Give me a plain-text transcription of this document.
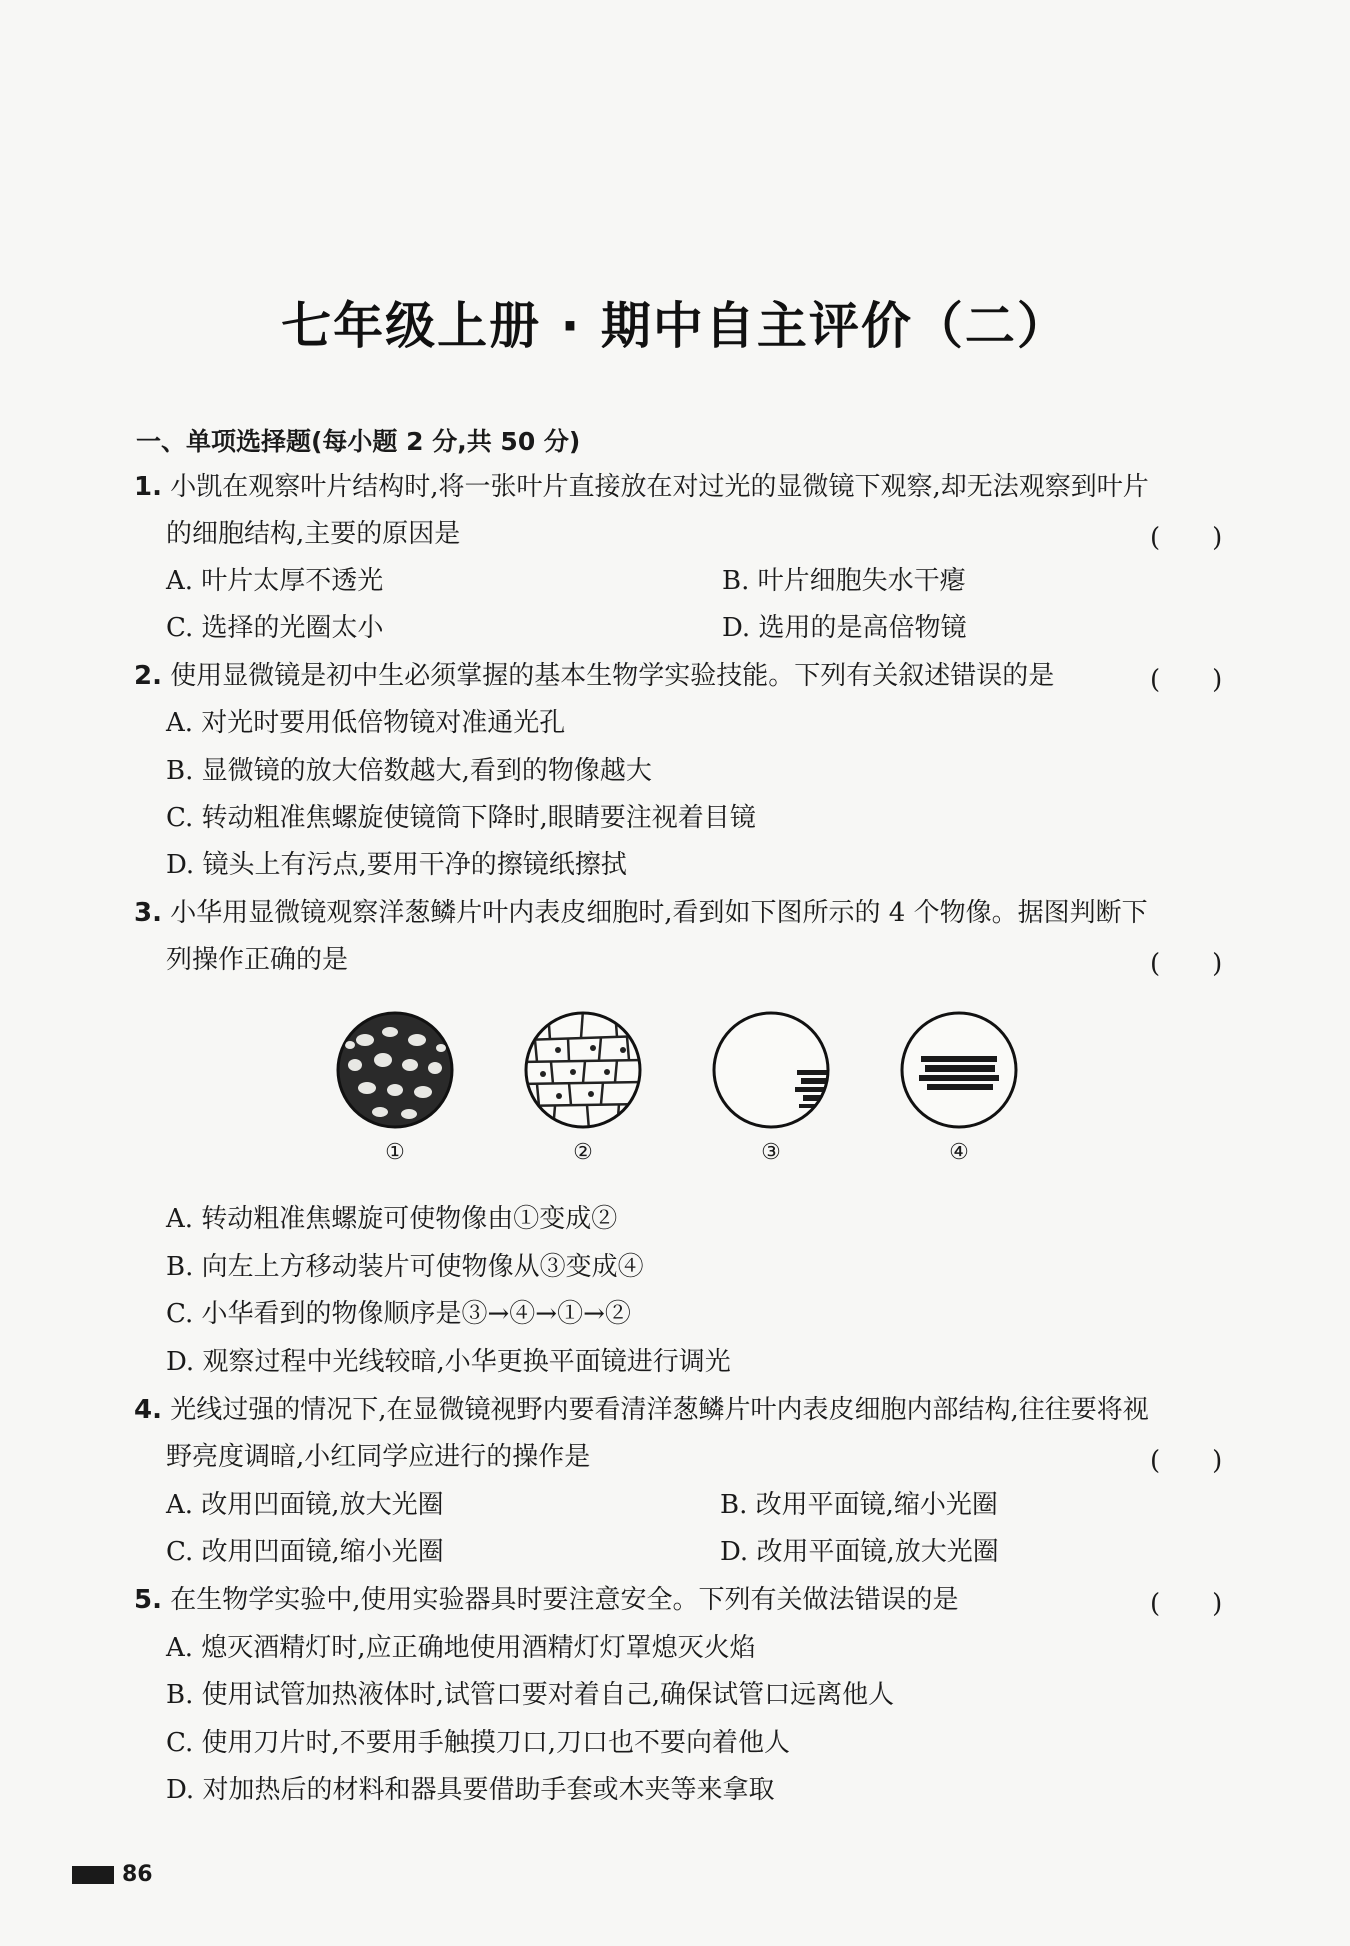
七年级上册 · 期中自主评价（二）
一、单项选择题(每小题 2 分,共 50 分)
1. 小凯在观察叶片结构时,将一张叶片直接放在对过光的显微镜下观察,却无法观察到叶片
的细胞结构,主要的原因是	(　　)
A. 叶片太厚不透光	B. 叶片细胞失水干瘪
C. 选择的光圈太小	D. 选用的是高倍物镜
2. 使用显微镜是初中生必须掌握的基本生物学实验技能。下列有关叙述错误的是	(　　)
A. 对光时要用低倍物镜对准通光孔
B. 显微镜的放大倍数越大,看到的物像越大
C. 转动粗准焦螺旋使镜筒下降时,眼睛要注视着目镜
D. 镜头上有污点,要用干净的擦镜纸擦拭
3. 小华用显微镜观察洋葱鳞片叶内表皮细胞时,看到如下图所示的 4 个物像。据图判断下
列操作正确的是	(　　)
①	②	③	④
A. 转动粗准焦螺旋可使物像由①变成②
B. 向左上方移动装片可使物像从③变成④
C. 小华看到的物像顺序是③→④→①→②
D. 观察过程中光线较暗,小华更换平面镜进行调光
4. 光线过强的情况下,在显微镜视野内要看清洋葱鳞片叶内表皮细胞内部结构,往往要将视
野亮度调暗,小红同学应进行的操作是	(　　)
A. 改用凹面镜,放大光圈	B. 改用平面镜,缩小光圈
C. 改用凹面镜,缩小光圈	D. 改用平面镜,放大光圈
5. 在生物学实验中,使用实验器具时要注意安全。下列有关做法错误的是	(　　)
A. 熄灭酒精灯时,应正确地使用酒精灯灯罩熄灭火焰
B. 使用试管加热液体时,试管口要对着自己,确保试管口远离他人
C. 使用刀片时,不要用手触摸刀口,刀口也不要向着他人
D. 对加热后的材料和器具要借助手套或木夹等来拿取
86
